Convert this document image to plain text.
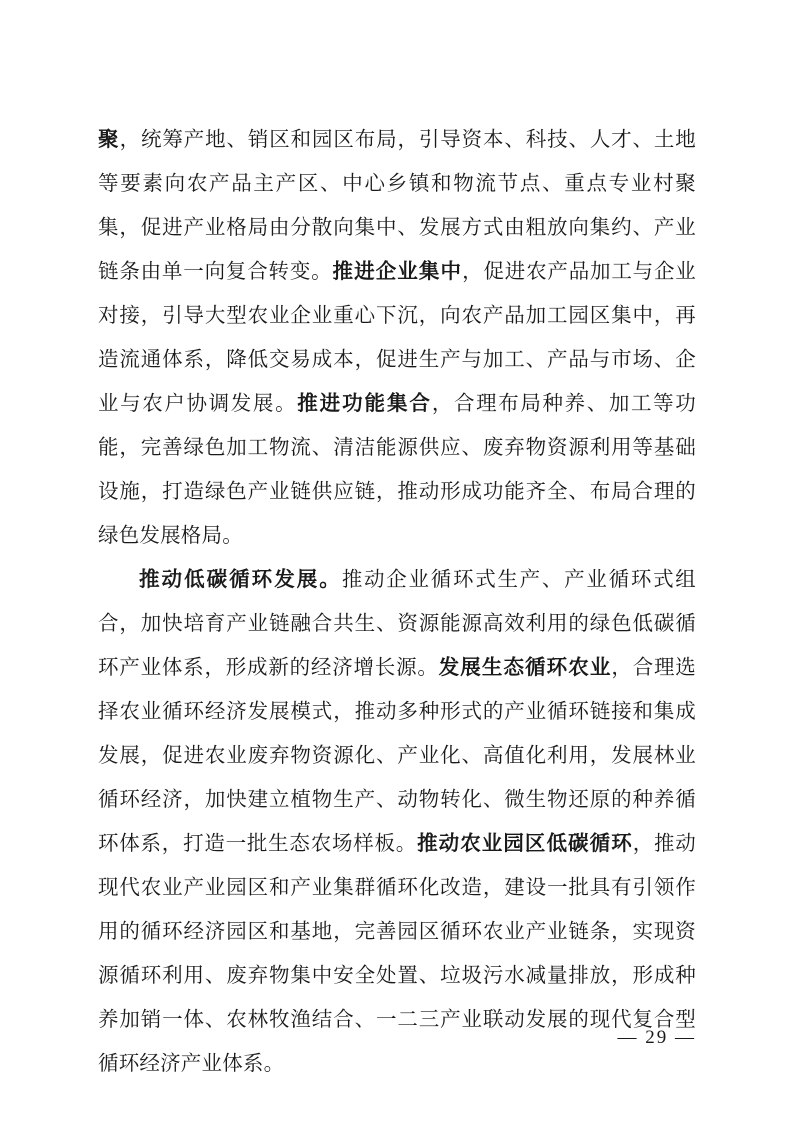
聚，统筹产地、销区和园区布局，引导资本、科技、人才、土地等要素向农产品主产区、中心乡镇和物流节点、重点专业村聚集，促进产业格局由分散向集中、发展方式由粗放向集约、产业链条由单一向复合转变。推进企业集中，促进农产品加工与企业对接，引导大型农业企业重心下沉，向农产品加工园区集中，再造流通体系，降低交易成本，促进生产与加工、产品与市场、企业与农户协调发展。推进功能集合，合理布局种养、加工等功能，完善绿色加工物流、清洁能源供应、废弃物资源利用等基础设施，打造绿色产业链供应链，推动形成功能齐全、布局合理的绿色发展格局。

推动低碳循环发展。推动企业循环式生产、产业循环式组合，加快培育产业链融合共生、资源能源高效利用的绿色低碳循环产业体系，形成新的经济增长源。发展生态循环农业，合理选择农业循环经济发展模式，推动多种形式的产业循环链接和集成发展，促进农业废弃物资源化、产业化、高值化利用，发展林业循环经济，加快建立植物生产、动物转化、微生物还原的种养循环体系，打造一批生态农场样板。推动农业园区低碳循环，推动现代农业产业园区和产业集群循环化改造，建设一批具有引领作用的循环经济园区和基地，完善园区循环农业产业链条，实现资源循环利用、废弃物集中安全处置、垃圾污水减量排放，形成种养加销一体、农林牧渔结合、一二三产业联动发展的现代复合型循环经济产业体系。

— 29 —
